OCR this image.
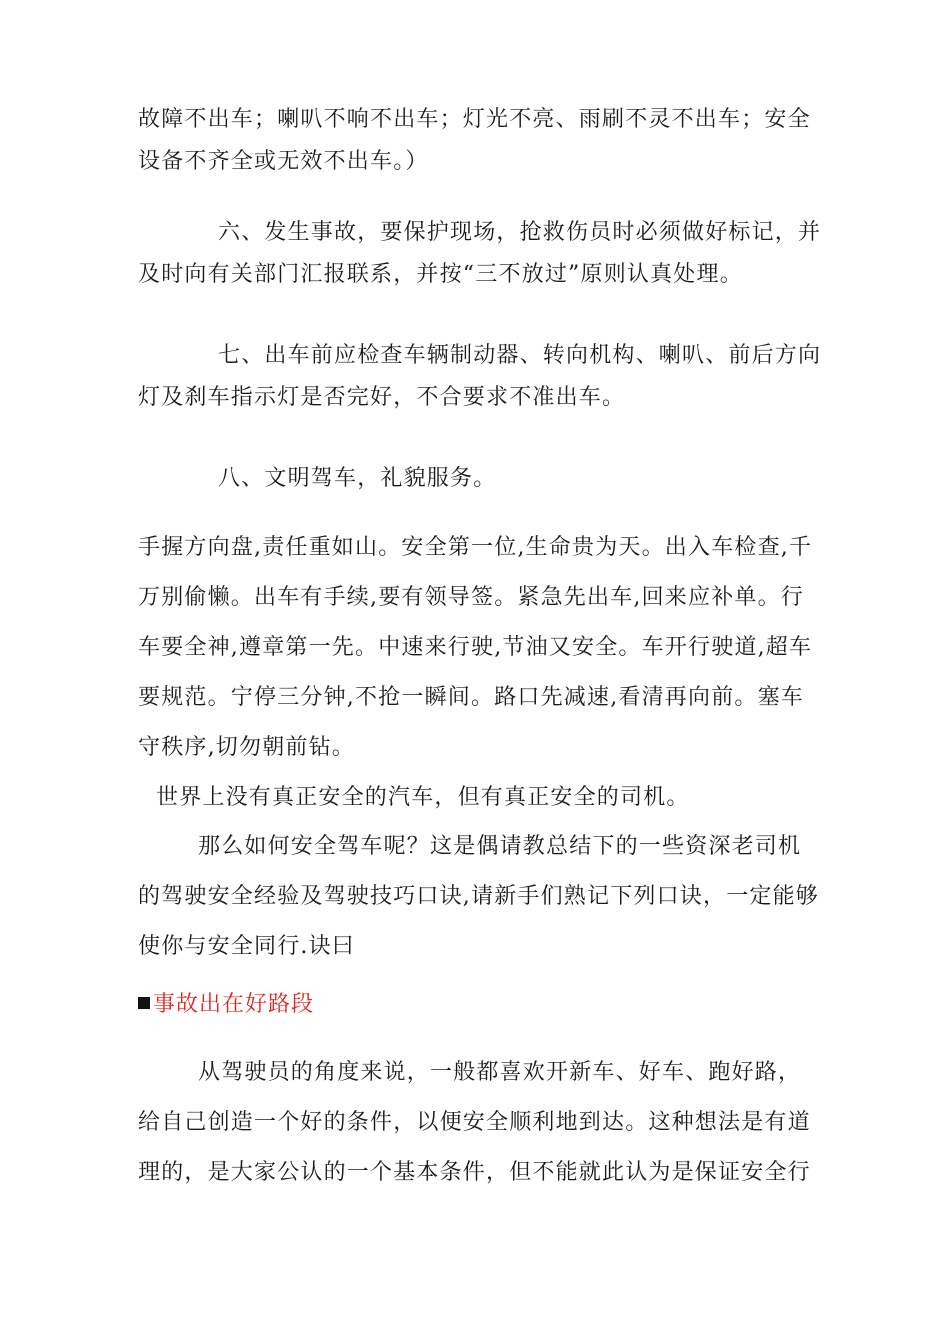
故障不出车；喇叭不响不出车；灯光不亮、雨刷不灵不出车；安全设备不齐全或无效不出车。）

六、发生事故，要保护现场，抢救伤员时必须做好标记，并及时向有关部门汇报联系，并按“三不放过”原则认真处理。

七、出车前应检查车辆制动器、转向机构、喇叭、前后方向灯及刹车指示灯是否完好，不合要求不准出车。

八、文明驾车，礼貌服务。

手握方向盘,责任重如山。安全第一位,生命贵为天。出入车检查,千万别偷懒。出车有手续,要有领导签。紧急先出车,回来应补单。行车要全神,遵章第一先。中速来行驶,节油又安全。车开行驶道,超车要规范。宁停三分钟,不抢一瞬间。路口先减速,看清再向前。塞车守秩序,切勿朝前钻。

世界上没有真正安全的汽车，但有真正安全的司机。

那么如何安全驾车呢？这是偶请教总结下的一些资深老司机的驾驶安全经验及驾驶技巧口诀,请新手们熟记下列口诀，一定能够使你与安全同行.诀曰

事故出在好路段

从驾驶员的角度来说，一般都喜欢开新车、好车、跑好路，给自己创造一个好的条件，以便安全顺利地到达。这种想法是有道理的，是大家公认的一个基本条件，但不能就此认为是保证安全行
